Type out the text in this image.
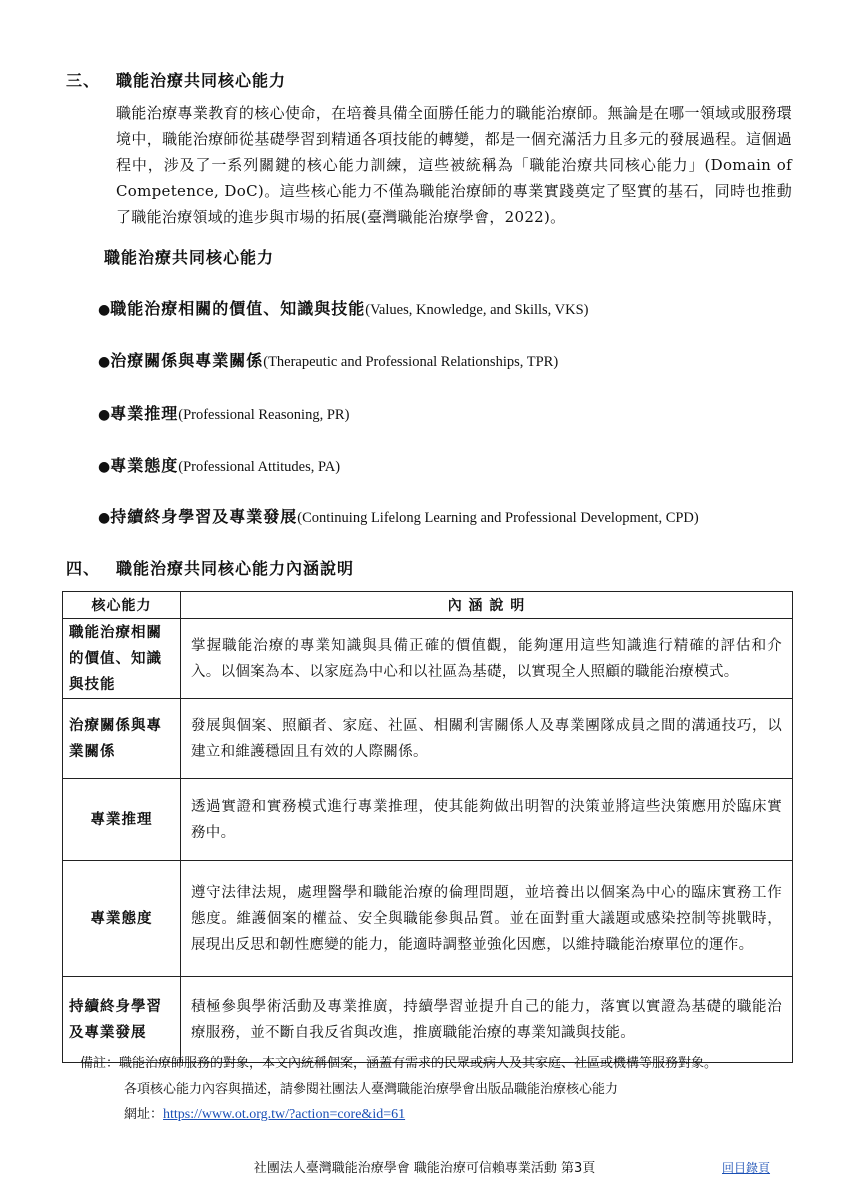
三、 職能治療共同核心能力
職能治療專業教育的核心使命，在培養具備全面勝任能力的職能治療師。無論是在哪一領域或服務環境中，職能治療師從基礎學習到精通各項技能的轉變，都是一個充滿活力且多元的發展過程。這個過程中，涉及了一系列關鍵的核心能力訓練，這些被統稱為「職能治療共同核心能力」(Domain of Competence, DoC)。這些核心能力不僅為職能治療師的專業實踐奠定了堅實的基石，同時也推動了職能治療領域的進步與市場的拓展(臺灣職能治療學會，2022)。
職能治療共同核心能力
●職能治療相關的價值、知識與技能(Values, Knowledge, and Skills, VKS)
●治療關係與專業關係(Therapeutic and Professional Relationships, TPR)
●專業推理(Professional Reasoning, PR)
●專業態度(Professional Attitudes, PA)
●持續終身學習及專業發展(Continuing Lifelong Learning and Professional Development, CPD)
四、 職能治療共同核心能力內涵說明
核心能力	內 涵 說 明
職能治療相關的價值、知識與技能	掌握職能治療的專業知識與具備正確的價值觀，能夠運用這些知識進行精確的評估和介入。以個案為本、以家庭為中心和以社區為基礎，以實現全人照顧的職能治療模式。
治療關係與專業關係	發展與個案、照顧者、家庭、社區、相關利害關係人及專業團隊成員之間的溝通技巧，以建立和維護穩固且有效的人際關係。
專業推理	透過實證和實務模式進行專業推理，使其能夠做出明智的決策並將這些決策應用於臨床實務中。
專業態度	遵守法律法規，處理醫學和職能治療的倫理問題，並培養出以個案為中心的臨床實務工作態度。維護個案的權益、安全與職能參與品質。並在面對重大議題或感染控制等挑戰時，展現出反思和韌性應變的能力，能適時調整並強化因應，以維持職能治療單位的運作。
持續終身學習及專業發展	積極參與學術活動及專業推廣，持續學習並提升自己的能力，落實以實證為基礎的職能治療服務，並不斷自我反省與改進，推廣職能治療的專業知識與技能。
備註：職能治療師服務的對象，本文內統稱個案，涵蓋有需求的民眾或病人及其家庭、社區或機構等服務對象。
各項核心能力內容與描述，請參閱社團法人臺灣職能治療學會出版品職能治療核心能力
網址：https://www.ot.org.tw/?action=core&id=61
社團法人臺灣職能治療學會 職能治療可信賴專業活動 第3頁	回目錄頁
